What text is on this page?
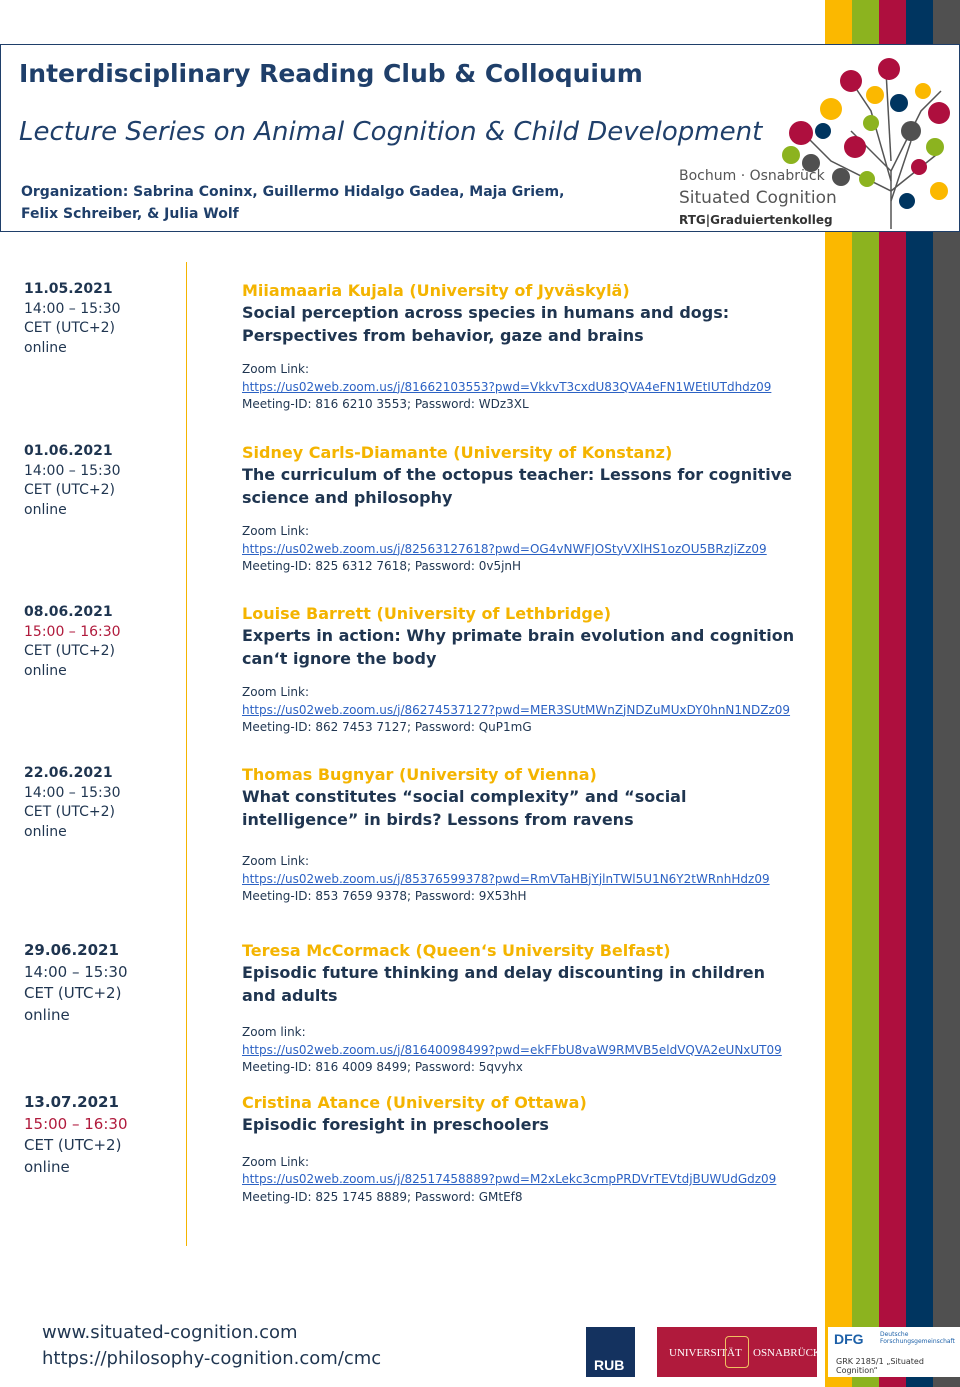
Interdisciplinary Reading Club & Colloquium
Lecture Series on Animal Cognition & Child Development
Organization: Sabrina Coninx, Guillermo Hidalgo Gadea, Maja Griem,
Felix Schreiber, & Julia Wolf
Bochum · Osnabrück
Situated Cognition
RTG|Graduiertenkolleg
11.05.2021
14:00 – 15:30
CET (UTC+2)
online
Miiamaaria Kujala (University of Jyväskylä)
Social perception across species in humans and dogs: Perspectives from behavior, gaze and brains
Zoom Link:
https://us02web.zoom.us/j/81662103553?pwd=VkkvT3cxdU83QVA4eFN1WEtIUTdhdz09
Meeting-ID: 816 6210 3553; Password: WDz3XL
01.06.2021
14:00 – 15:30
CET (UTC+2)
online
Sidney Carls-Diamante (University of Konstanz)
The curriculum of the octopus teacher: Lessons for cognitive science and philosophy
Zoom Link:
https://us02web.zoom.us/j/82563127618?pwd=OG4vNWFJOStyVXlHS1ozOU5BRzJiZz09
Meeting-ID: 825 6312 7618; Password: 0v5jnH
08.06.2021
15:00 – 16:30
CET (UTC+2)
online
Louise Barrett (University of Lethbridge)
Experts in action: Why primate brain evolution and cognition can‘t ignore the body
Zoom Link:
https://us02web.zoom.us/j/86274537127?pwd=MER3SUtMWnZjNDZuMUxDY0hnN1NDZz09
Meeting-ID: 862 7453 7127; Password: QuP1mG
22.06.2021
14:00 – 15:30
CET (UTC+2)
online
Thomas Bugnyar (University of Vienna)
What constitutes “social complexity” and “social intelligence” in birds? Lessons from ravens
Zoom Link:
https://us02web.zoom.us/j/85376599378?pwd=RmVTaHBjYjlnTWl5U1N6Y2tWRnhHdz09
Meeting-ID: 853 7659 9378; Password: 9X53hH
29.06.2021
14:00 – 15:30
CET (UTC+2)
online
Teresa McCormack (Queen‘s University Belfast)
Episodic future thinking and delay discounting in children and adults
Zoom link:
https://us02web.zoom.us/j/81640098499?pwd=ekFFbU8vaW9RMVB5eldVQVA2eUNxUT09
Meeting-ID: 816 4009 8499; Password: 5qvyhx
13.07.2021
15:00 – 16:30
CET (UTC+2)
online
Cristina Atance (University of Ottawa)
Episodic foresight in preschoolers
Zoom Link:
https://us02web.zoom.us/j/82517458889?pwd=M2xLekc3cmpPRDVrTEVtdjBUWUdGdz09
Meeting-ID: 825 1745 8889; Password: GMtEf8
www.situated-cognition.com
https://philosophy-cognition.com/cmc	RUB
UNIVERSITÄT OSNABRÜCK
DFG	Deutsche
Forschungsgemeinschaft
GRK 2185/1 „Situated Cognition“
